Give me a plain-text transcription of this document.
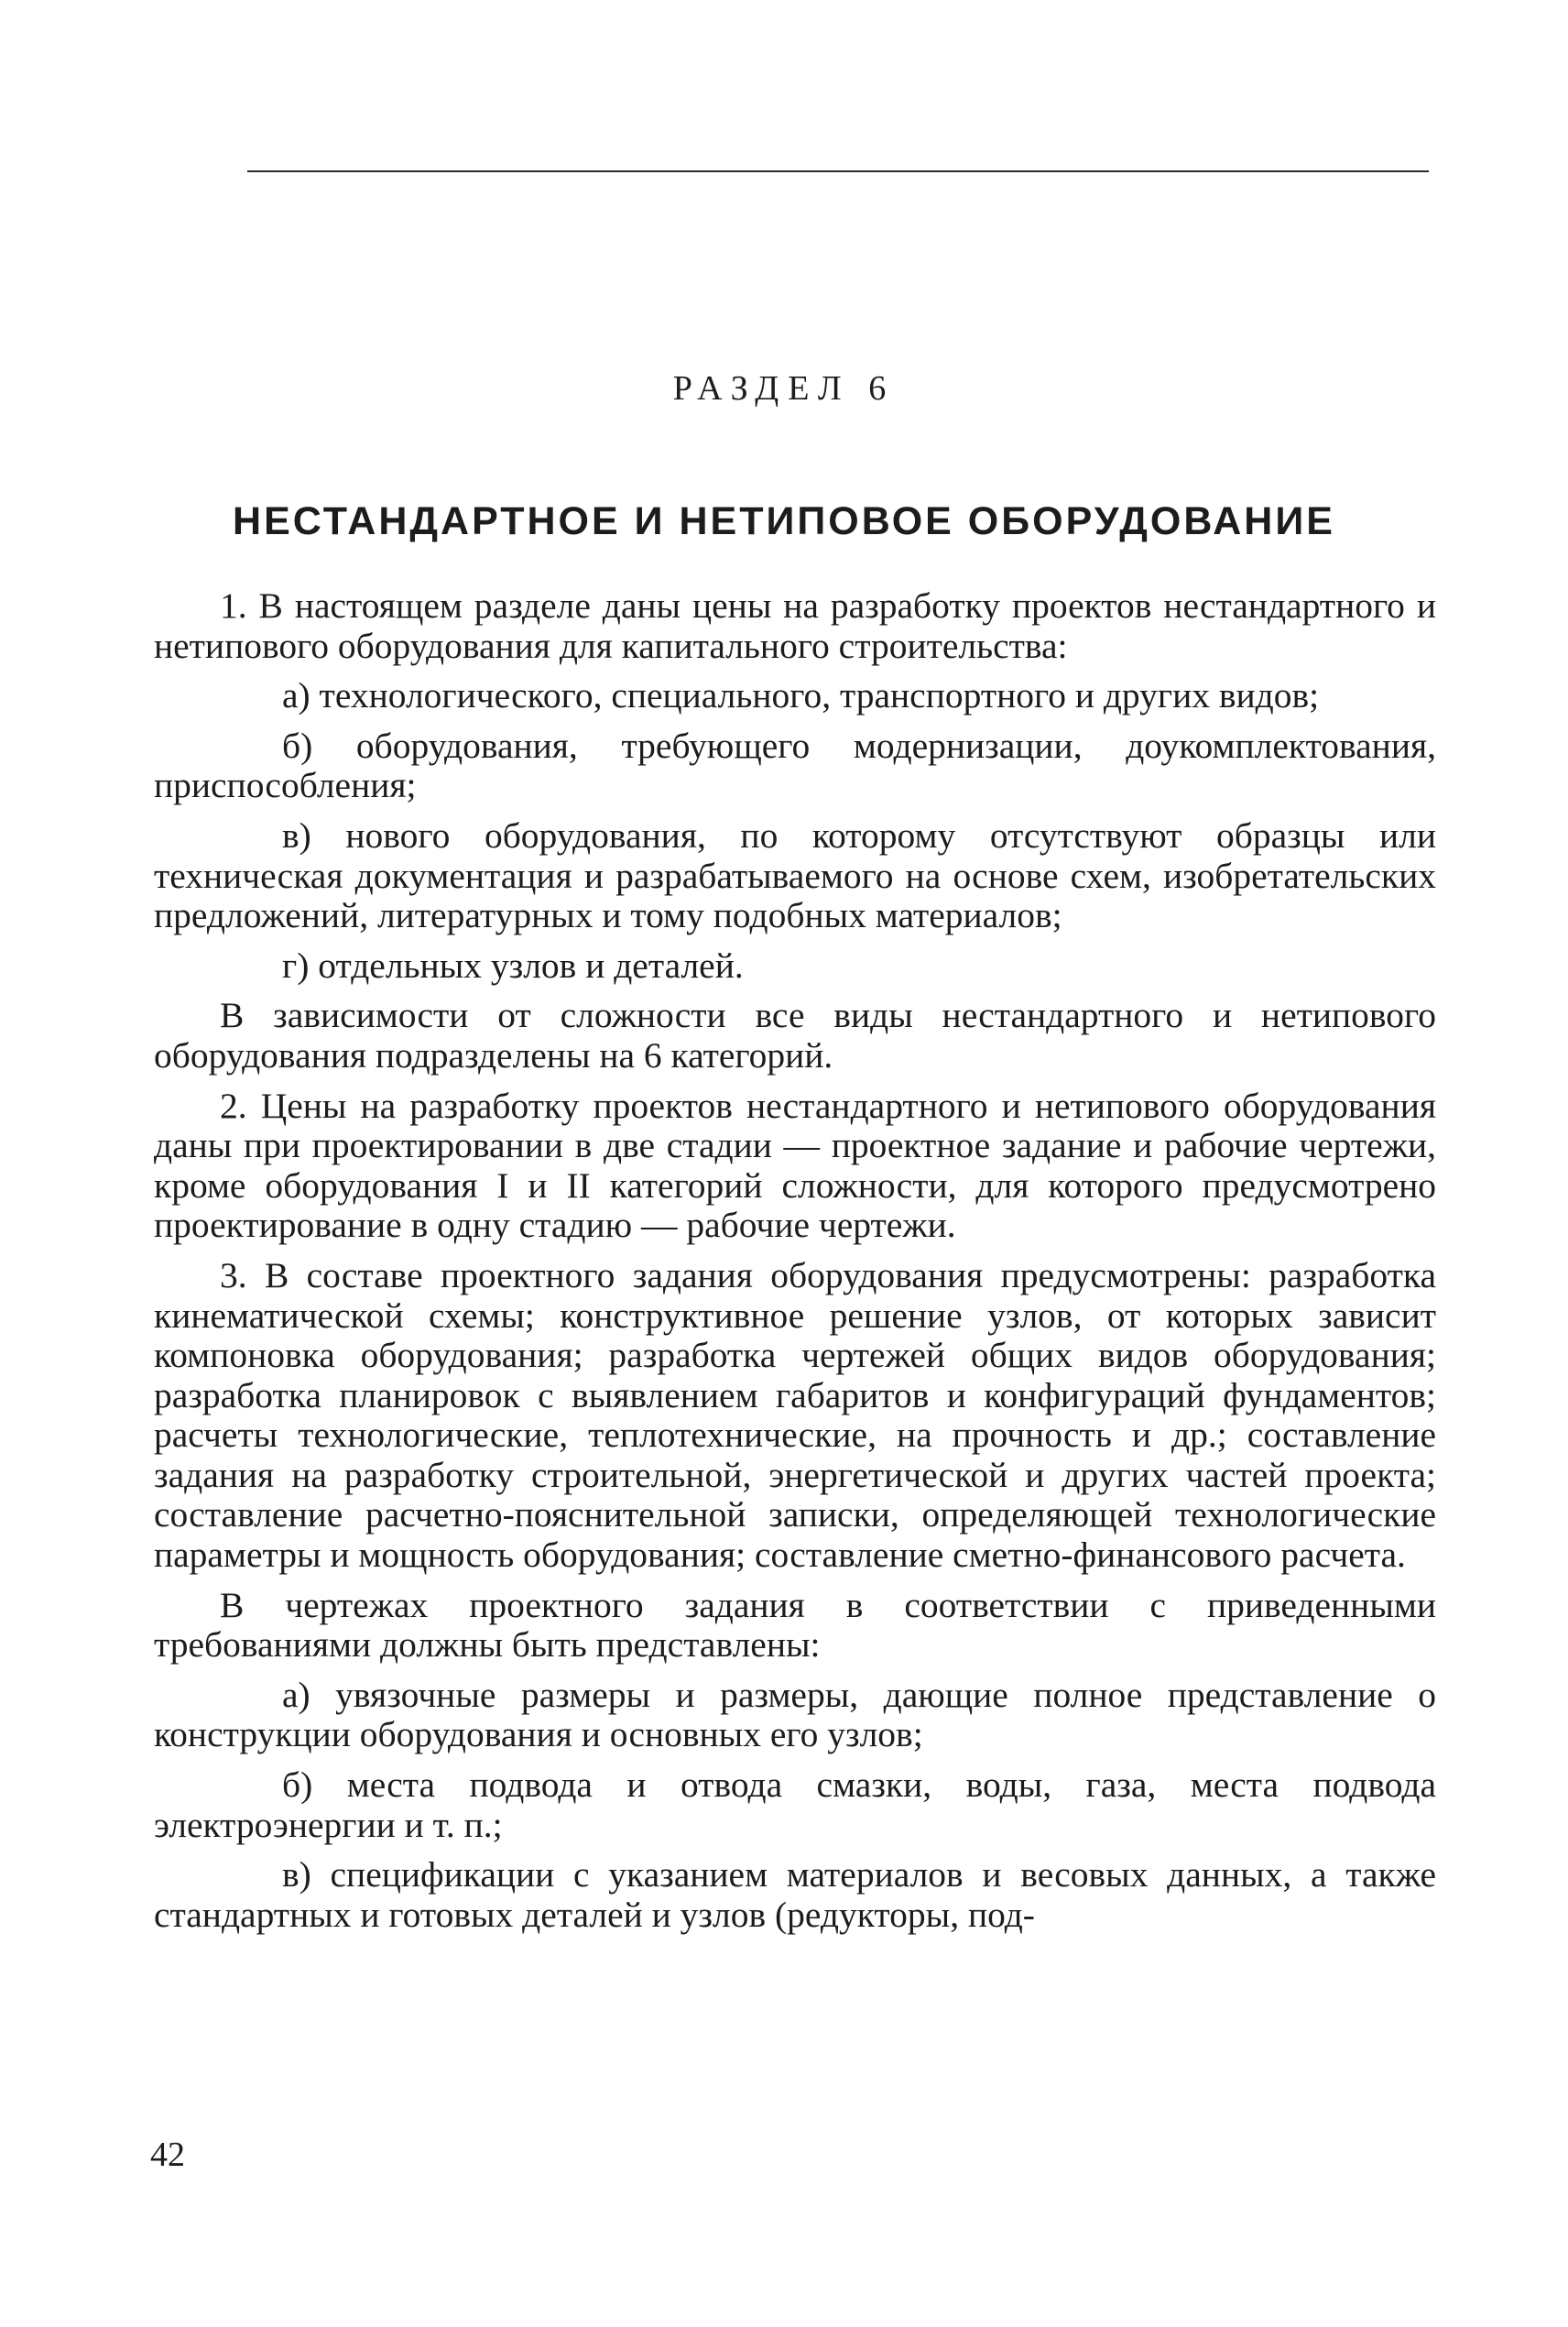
РАЗДЕЛ 6
НЕСТАНДАРТНОЕ И НЕТИПОВОЕ ОБОРУДОВАНИЕ

1. В настоящем разделе даны цены на разработку проектов нестандартного и нетипового оборудования для капитального строительства:

а) технологического, специального, транспортного и других видов;

б) оборудования, требующего модернизации, доукомплектования, приспособления;

в) нового оборудования, по которому отсутствуют образцы или техническая документация и разрабатываемого на основе схем, изобретательских предложений, литературных и тому подобных материалов;

г) отдельных узлов и деталей.

В зависимости от сложности все виды нестандартного и нетипового оборудования подразделены на 6 категорий.

2. Цены на разработку проектов нестандартного и нетипового оборудования даны при проектировании в две стадии — проектное задание и рабочие чертежи, кроме оборудования I и II категорий сложности, для которого предусмотрено проектирование в одну стадию — рабочие чертежи.

3. В составе проектного задания оборудования предусмотрены: разработка кинематической схемы; конструктивное решение узлов, от которых зависит компоновка оборудования; разработка чертежей общих видов оборудования; разработка планировок с выявлением габаритов и конфигураций фундаментов; расчеты технологические, теплотехнические, на прочность и др.; составление задания на разработку строительной, энергетической и других частей проекта; составление расчетно-пояснительной записки, определяющей технологические параметры и мощность оборудования; составление сметно-финансового расчета.

В чертежах проектного задания в соответствии с приведенными требованиями должны быть представлены:

а) увязочные размеры и размеры, дающие полное представление о конструкции оборудования и основных его узлов;

б) места подвода и отвода смазки, воды, газа, места подвода электроэнергии и т. п.;

в) спецификации с указанием материалов и весовых данных, а также стандартных и готовых деталей и узлов (редукторы, под-

42
